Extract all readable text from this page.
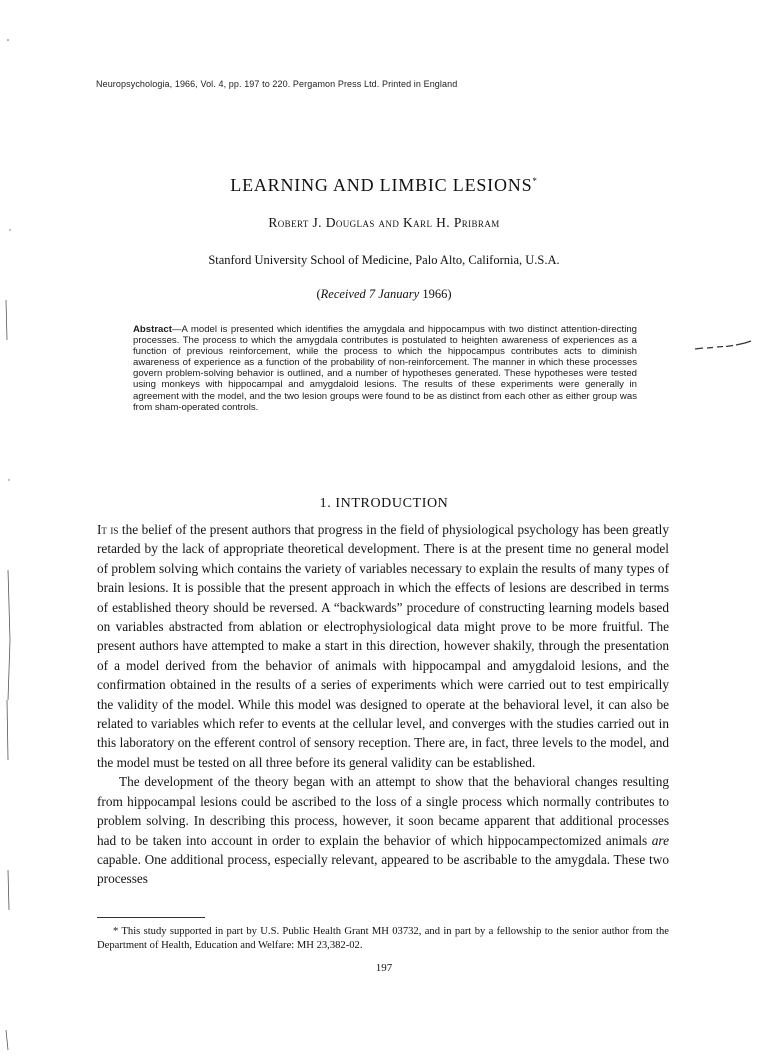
Neuropsychologia, 1966, Vol. 4, pp. 197 to 220. Pergamon Press Ltd. Printed in England
LEARNING AND LIMBIC LESIONS*
Robert J. Douglas and Karl H. Pribram
Stanford University School of Medicine, Palo Alto, California, U.S.A.
(Received 7 January 1966)
Abstract—A model is presented which identifies the amygdala and hippocampus with two distinct attention-directing processes. The process to which the amygdala contributes is postulated to heighten awareness of experiences as a function of previous reinforcement, while the process to which the hippocampus contributes acts to diminish awareness of experience as a function of the probability of non-reinforcement. The manner in which these processes govern problem-solving behavior is outlined, and a number of hypotheses generated. These hypotheses were tested using monkeys with hippocampal and amygdaloid lesions. The results of these experiments were generally in agreement with the model, and the two lesion groups were found to be as distinct from each other as either group was from sham-operated controls.
1. INTRODUCTION

It is the belief of the present authors that progress in the field of physiological psychology has been greatly retarded by the lack of appropriate theoretical development. There is at the present time no general model of problem solving which contains the variety of variables necessary to explain the results of many types of brain lesions. It is possible that the present approach in which the effects of lesions are described in terms of established theory should be reversed. A “backwards” procedure of constructing learning models based on variables abstracted from ablation or electrophysiological data might prove to be more fruitful. The present authors have attempted to make a start in this direction, however shakily, through the presentation of a model derived from the behavior of animals with hippocampal and amygdaloid lesions, and the confirmation obtained in the results of a series of experiments which were carried out to test empirically the validity of the model. While this model was designed to operate at the behavioral level, it can also be related to variables which refer to events at the cellular level, and converges with the studies carried out in this laboratory on the efferent control of sensory reception. There are, in fact, three levels to the model, and the model must be tested on all three before its general validity can be established.

The development of the theory began with an attempt to show that the behavioral changes resulting from hippocampal lesions could be ascribed to the loss of a single process which normally contributes to problem solving. In describing this process, however, it soon became apparent that additional processes had to be taken into account in order to explain the behavior of which hippocampectomized animals are capable. One additional process, especially relevant, appeared to be ascribable to the amygdala. These two processes

* This study supported in part by U.S. Public Health Grant MH 03732, and in part by a fellowship to the senior author from the Department of Health, Education and Welfare: MH 23,382-02.
197
